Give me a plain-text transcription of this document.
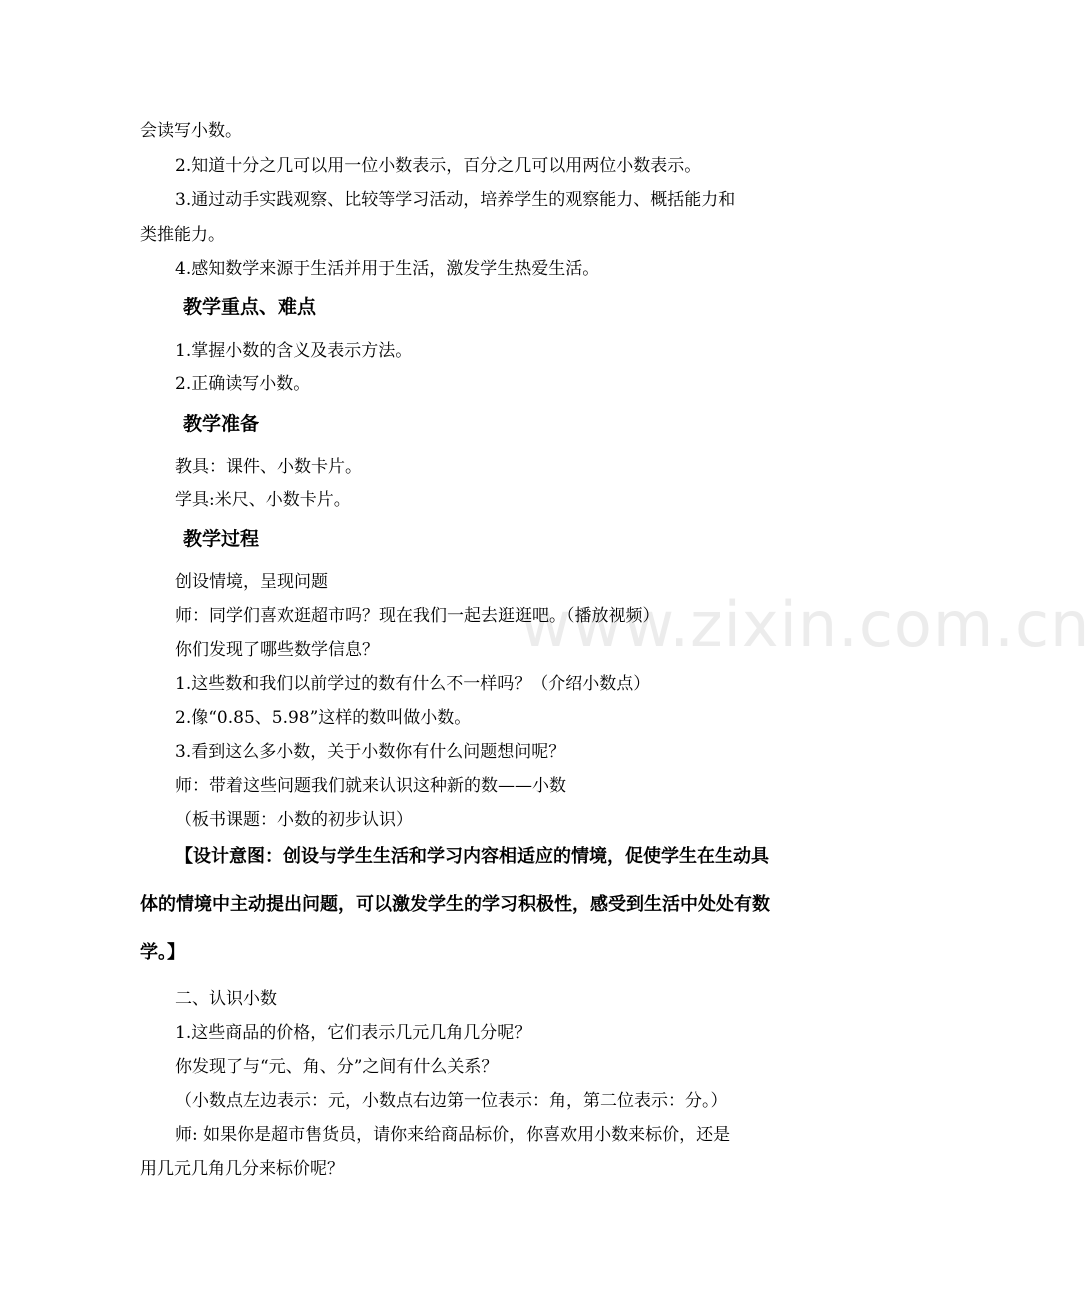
www.zixin.com.cn
会读写小数。
2.知道十分之几可以用一位小数表示，百分之几可以用两位小数表示。
3.通过动手实践观察、比较等学习活动，培养学生的观察能力、概括能力和
类推能力。
4.感知数学来源于生活并用于生活，激发学生热爱生活。
教学重点、难点
1.掌握小数的含义及表示方法。
2.正确读写小数。
教学准备
教具：课件、小数卡片。
学具:米尺、小数卡片。
教学过程
创设情境，呈现问题
师：同学们喜欢逛超市吗？现在我们一起去逛逛吧。（播放视频）
你们发现了哪些数学信息？
1.这些数和我们以前学过的数有什么不一样吗？（介绍小数点）
2.像“0.85、5.98”这样的数叫做小数。
3.看到这么多小数，关于小数你有什么问题想问呢？
师：带着这些问题我们就来认识这种新的数——小数
（板书课题：小数的初步认识）
【设计意图：创设与学生生活和学习内容相适应的情境，促使学生在生动具
体的情境中主动提出问题，可以激发学生的学习积极性，感受到生活中处处有数
学。】
二、认识小数
1.这些商品的价格，它们表示几元几角几分呢？
你发现了与“元、角、分”之间有什么关系？
（小数点左边表示：元，小数点右边第一位表示：角，第二位表示：分。）
师: 如果你是超市售货员，请你来给商品标价，你喜欢用小数来标价，还是
用几元几角几分来标价呢？
